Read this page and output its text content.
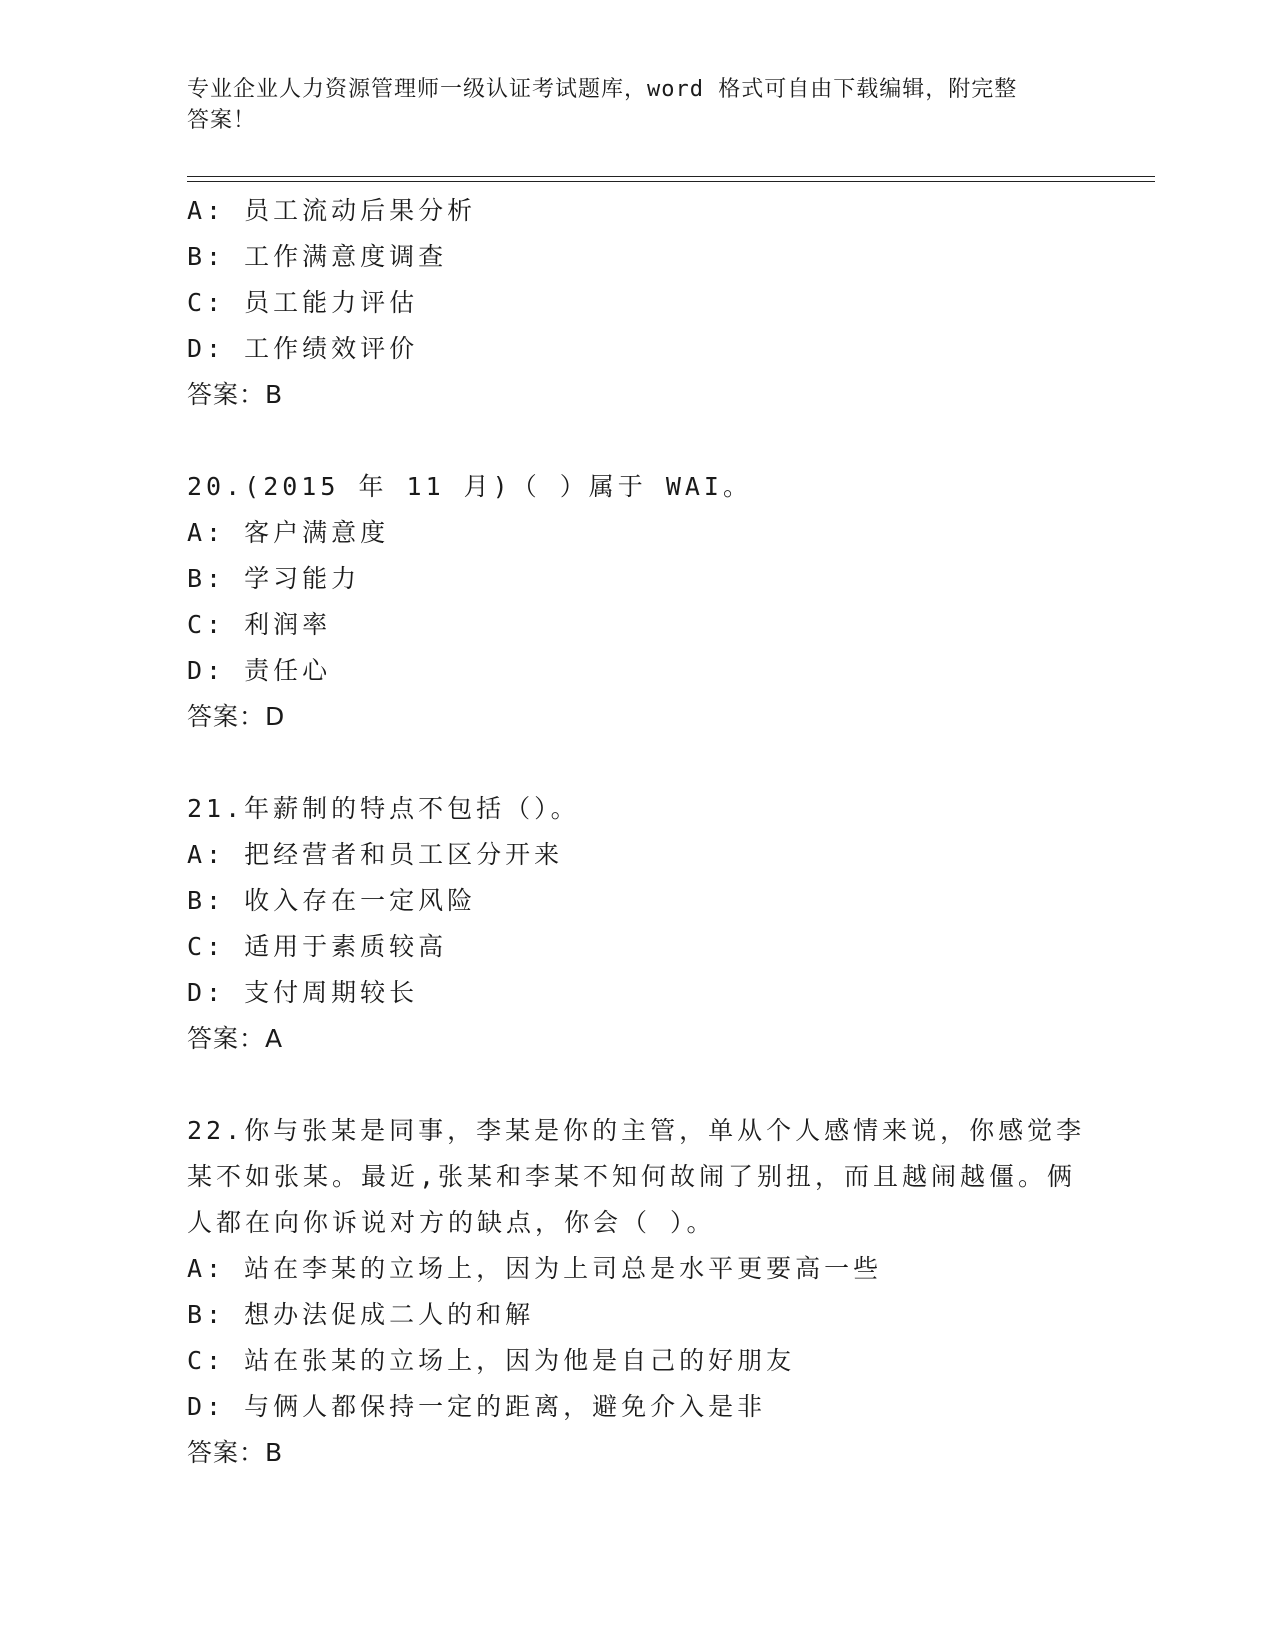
专业企业人力资源管理师一级认证考试题库，word 格式可自由下载编辑，附完整
答案！
A: 员工流动后果分析
B: 工作满意度调查
C: 员工能力评估
D: 工作绩效评价
答案：B
20.(2015 年 11 月)（ ）属于 WAI。
A: 客户满意度
B: 学习能力
C: 利润率
D: 责任心
答案：D
21.年薪制的特点不包括（）。
A: 把经营者和员工区分开来
B: 收入存在一定风险
C: 适用于素质较高
D: 支付周期较长
答案：A
22.你与张某是同事，李某是你的主管，单从个人感情来说，你感觉李
某不如张某。最近,张某和李某不知何故闹了别扭，而且越闹越僵。俩
人都在向你诉说对方的缺点，你会（ ）。
A: 站在李某的立场上，因为上司总是水平更要高一些
B: 想办法促成二人的和解
C: 站在张某的立场上，因为他是自己的好朋友
D: 与俩人都保持一定的距离，避免介入是非
答案：B
